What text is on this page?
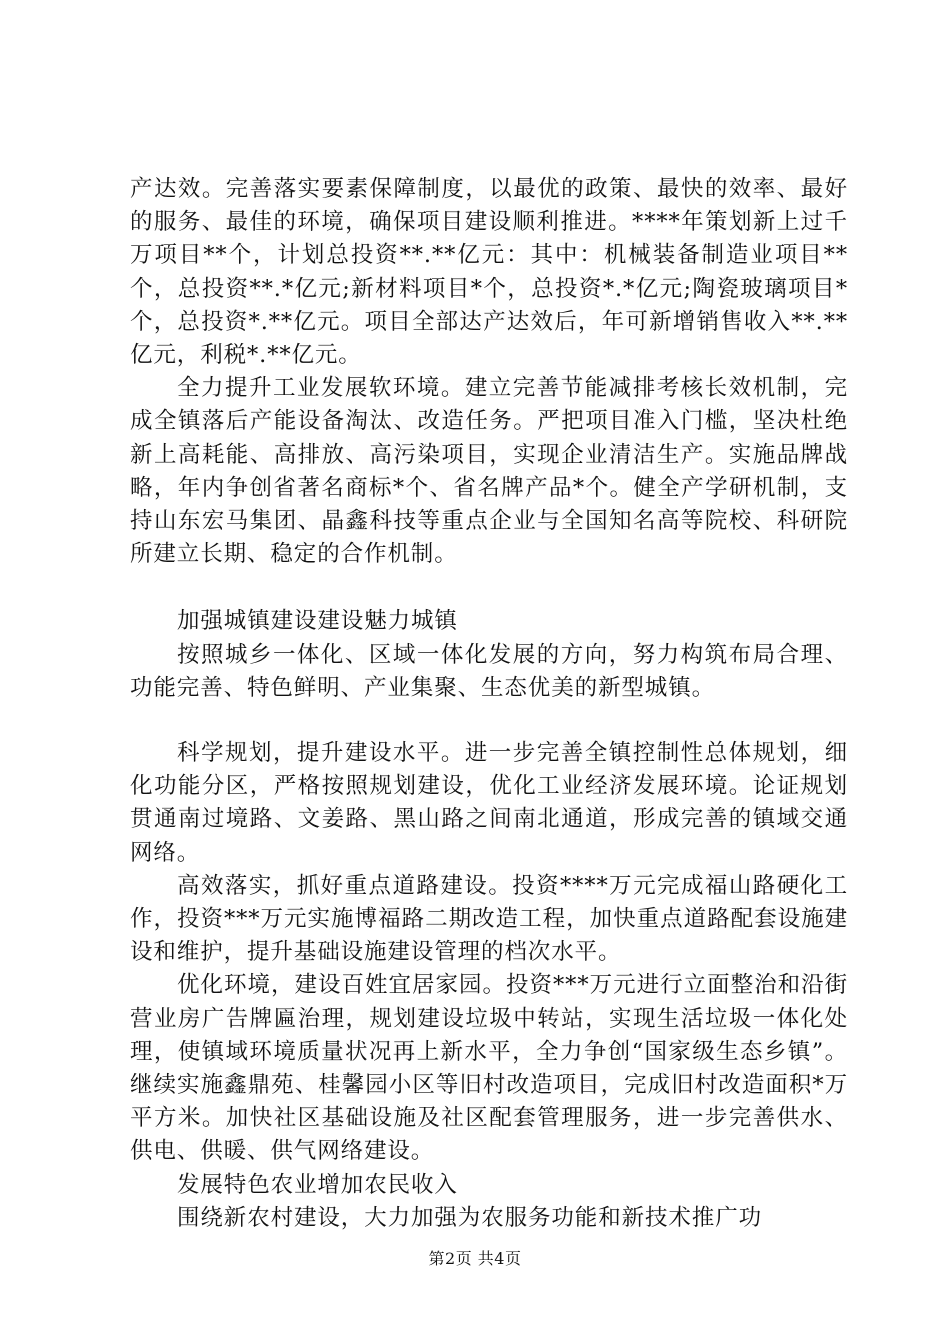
产达效。完善落实要素保障制度，以最优的政策、最快的效率、最好的服务、最佳的环境，确保项目建设顺利推进。****年策划新上过千万项目**个，计划总投资**.**亿元：其中：机械装备制造业项目**个，总投资**.*亿元;新材料项目*个，总投资*.*亿元;陶瓷玻璃项目*个，总投资*.**亿元。项目全部达产达效后，年可新增销售收入**.**亿元，利税*.**亿元。

全力提升工业发展软环境。建立完善节能减排考核长效机制，完成全镇落后产能设备淘汰、改造任务。严把项目准入门槛，坚决杜绝新上高耗能、高排放、高污染项目，实现企业清洁生产。实施品牌战略，年内争创省著名商标*个、省名牌产品*个。健全产学研机制，支持山东宏马集团、晶鑫科技等重点企业与全国知名高等院校、科研院所建立长期、稳定的合作机制。

加强城镇建设建设魅力城镇

按照城乡一体化、区域一体化发展的方向，努力构筑布局合理、功能完善、特色鲜明、产业集聚、生态优美的新型城镇。

科学规划，提升建设水平。进一步完善全镇控制性总体规划，细化功能分区，严格按照规划建设，优化工业经济发展环境。论证规划贯通南过境路、文姜路、黑山路之间南北通道，形成完善的镇域交通网络。

高效落实，抓好重点道路建设。投资****万元完成福山路硬化工作，投资***万元实施博福路二期改造工程，加快重点道路配套设施建设和维护，提升基础设施建设管理的档次水平。

优化环境，建设百姓宜居家园。投资***万元进行立面整治和沿街营业房广告牌匾治理，规划建设垃圾中转站，实现生活垃圾一体化处理，使镇域环境质量状况再上新水平，全力争创“国家级生态乡镇”。继续实施鑫鼎苑、桂馨园小区等旧村改造项目，完成旧村改造面积*万平方米。加快社区基础设施及社区配套管理服务，进一步完善供水、供电、供暖、供气网络建设。

发展特色农业增加农民收入

围绕新农村建设，大力加强为农服务功能和新技术推广功

第2页 共4页
